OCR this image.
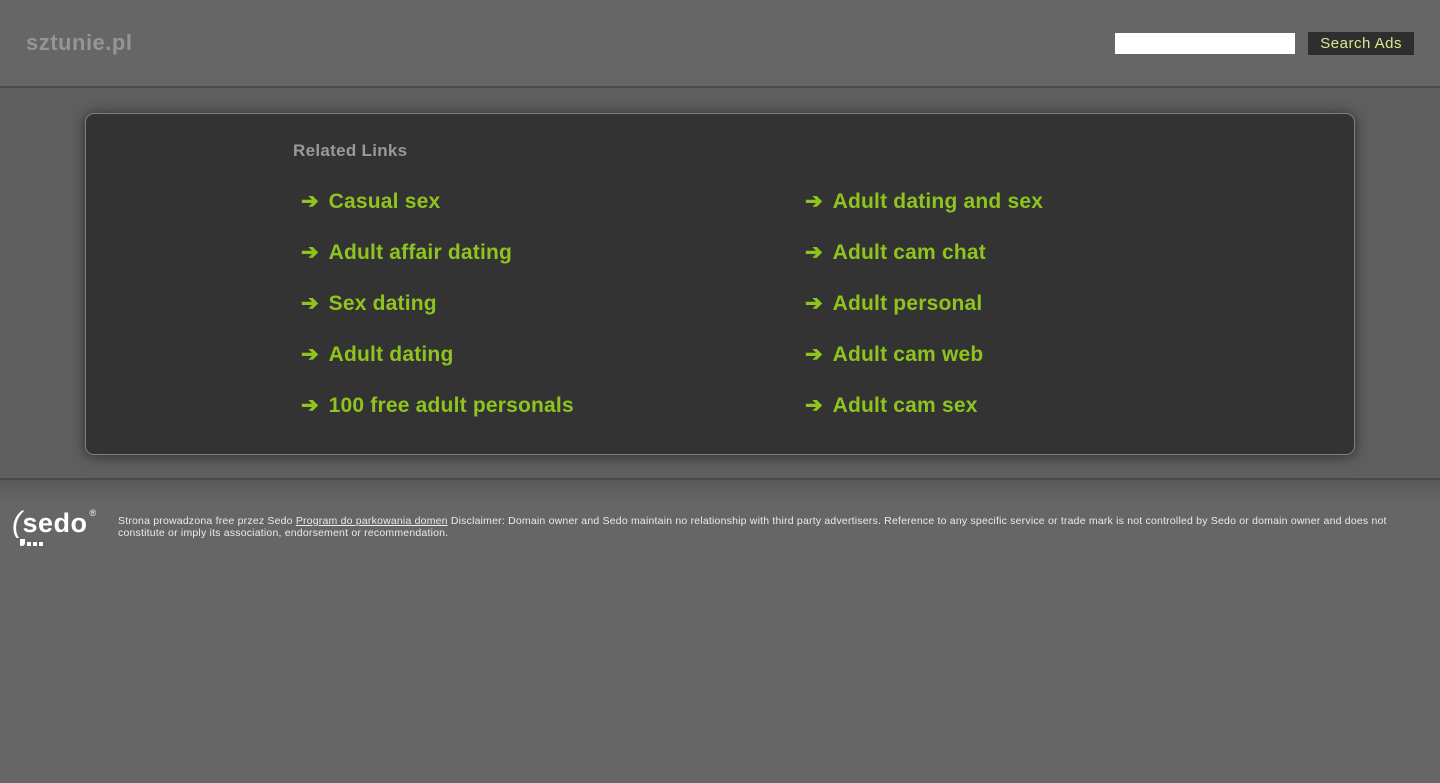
sztunie.pl	Search Ads
Related Links
➔ Casual sex	➔ Adult dating and sex
➔ Adult affair dating	➔ Adult cam chat
➔ Sex dating	➔ Adult personal
➔ Adult dating	➔ Adult cam web
➔ 100 free adult personals	➔ Adult cam sex
(sedo ®

Strona prowadzona free przez Sedo Program do parkowania domen Disclaimer: Domain owner and Sedo maintain no relationship with third party advertisers. Reference to any specific service or trade mark is not controlled by Sedo or domain owner and does not constitute or imply its association, endorsement or recommendation.
